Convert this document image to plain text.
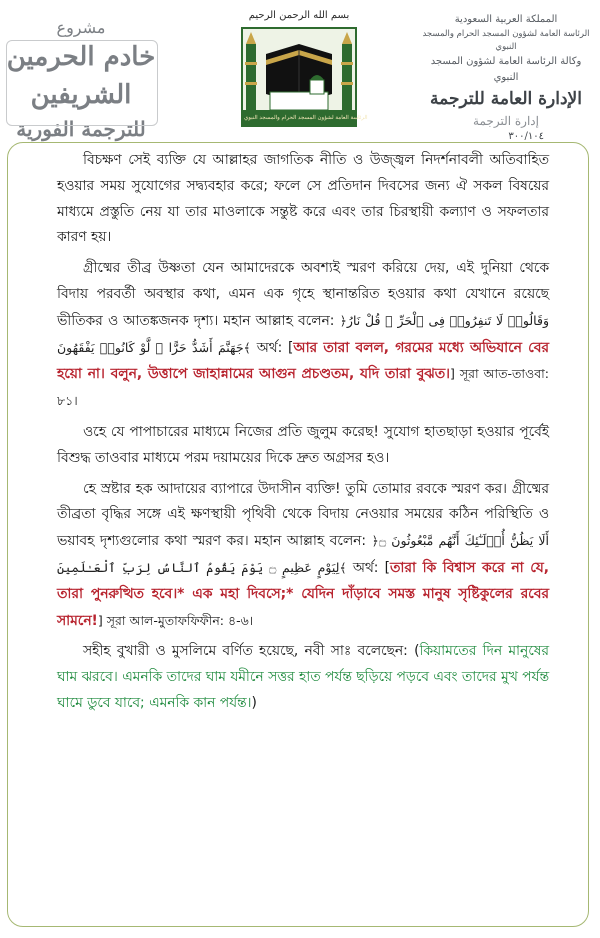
مشروع
خادم الحرمين الشريفين
للترجمة الفورية
بسم الله الرحمن الرحيم
الرئاسة العامة لشؤون المسجد الحرام والمسجد النبوي
المملكة العربية السعودية
الرئاسة العامة لشؤون المسجد الحرام والمسجد النبوي
وكالة الرئاسة العامة لشؤون المسجد النبوي
الإدارة العامة للترجمة
إدارة الترجمة
٣٠٠/١٠٤

বিচক্ষণ সেই ব্যক্তি যে আল্লাহর জাগতিক নীতি ও উজ্জ্বল নিদর্শনাবলী অতিবাহিত হওয়ার সময় সুযোগের সদ্ব্যবহার করে; ফলে সে প্রতিদান দিবসের জন্য ঐ সকল বিষয়ের মাধ্যমে প্রস্তুতি নেয় যা তার মাওলাকে সন্তুষ্ট করে এবং তার চিরস্থায়ী কল্যাণ ও সফলতার কারণ হয়।

গ্রীষ্মের তীব্র উষ্ণতা যেন আমাদেরকে অবশ্যই স্মরণ করিয়ে দেয়, এই দুনিয়া থেকে বিদায় পরবর্তী অবস্থার কথা, এমন এক গৃহে স্থানান্তরিত হওয়ার কথা যেখানে রয়েছে ভীতিকর ও আতঙ্কজনক দৃশ্য। মহান আল্লাহ বলেন: ﴿وَقَالُوا۟ لَا تَنفِرُوا۟ فِى ٱلْحَرِّ ۗ قُلْ نَارُ جَهَنَّمَ أَشَدُّ حَرًّا ۚ لَّوْ كَانُوا۟ يَفْقَهُونَ﴾ অর্থ: [আর তারা বলল, গরমের মধ্যে অভিযানে বের হয়ো না। বলুন, উত্তাপে জাহান্নামের আগুন প্রচণ্ডতম, যদি তারা বুঝত।] সূরা আত-তাওবা: ৮১।

ওহে যে পাপাচারের মাধ্যমে নিজের প্রতি জুলুম করেছ! সুযোগ হাতছাড়া হওয়ার পূর্বেই বিশুদ্ধ তাওবার মাধ্যমে পরম দয়াময়ের দিকে দ্রুত অগ্রসর হও।

হে স্রষ্টার হক আদায়ের ব্যাপারে উদাসীন ব্যক্তি! তুমি তোমার রবকে স্মরণ কর। গ্রীষ্মের তীব্রতা বৃদ্ধির সঙ্গে এই ক্ষণস্থায়ী পৃথিবী থেকে বিদায় নেওয়ার সময়ের কঠিন পরিস্থিতি ও ভয়াবহ দৃশ্যগুলোর কথা স্মরণ কর। মহান আল্লাহ বলেন: ﴿أَلَا يَظُنُّ أُو۟لَـٰٓئِكَ أَنَّهُم مَّبْعُوثُونَ ۝ لِيَوْمٍ عَظِيمٍ ۝ يَوْمَ يَقُومُ ٱلنَّاسُ لِرَبِّ ٱلْعَـٰلَمِينَ﴾ অর্থ: [তারা কি বিশ্বাস করে না যে, তারা পুনরুত্থিত হবে।* এক মহা দিবসে;* যেদিন দাঁড়াবে সমস্ত মানুষ সৃষ্টিকুলের রবের সামনে!] সূরা আল-মুতাফফিফীন: ৪-৬।

সহীহ বুখারী ও মুসলিমে বর্ণিত হয়েছে, নবী সাঃ বলেছেন: (কিয়ামতের দিন মানুষের ঘাম ঝরবে। এমনকি তাদের ঘাম যমীনে সত্তর হাত পর্যন্ত ছড়িয়ে পড়বে এবং তাদের মুখ পর্যন্ত ঘামে ডুবে যাবে; এমনকি কান পর্যন্ত।)
